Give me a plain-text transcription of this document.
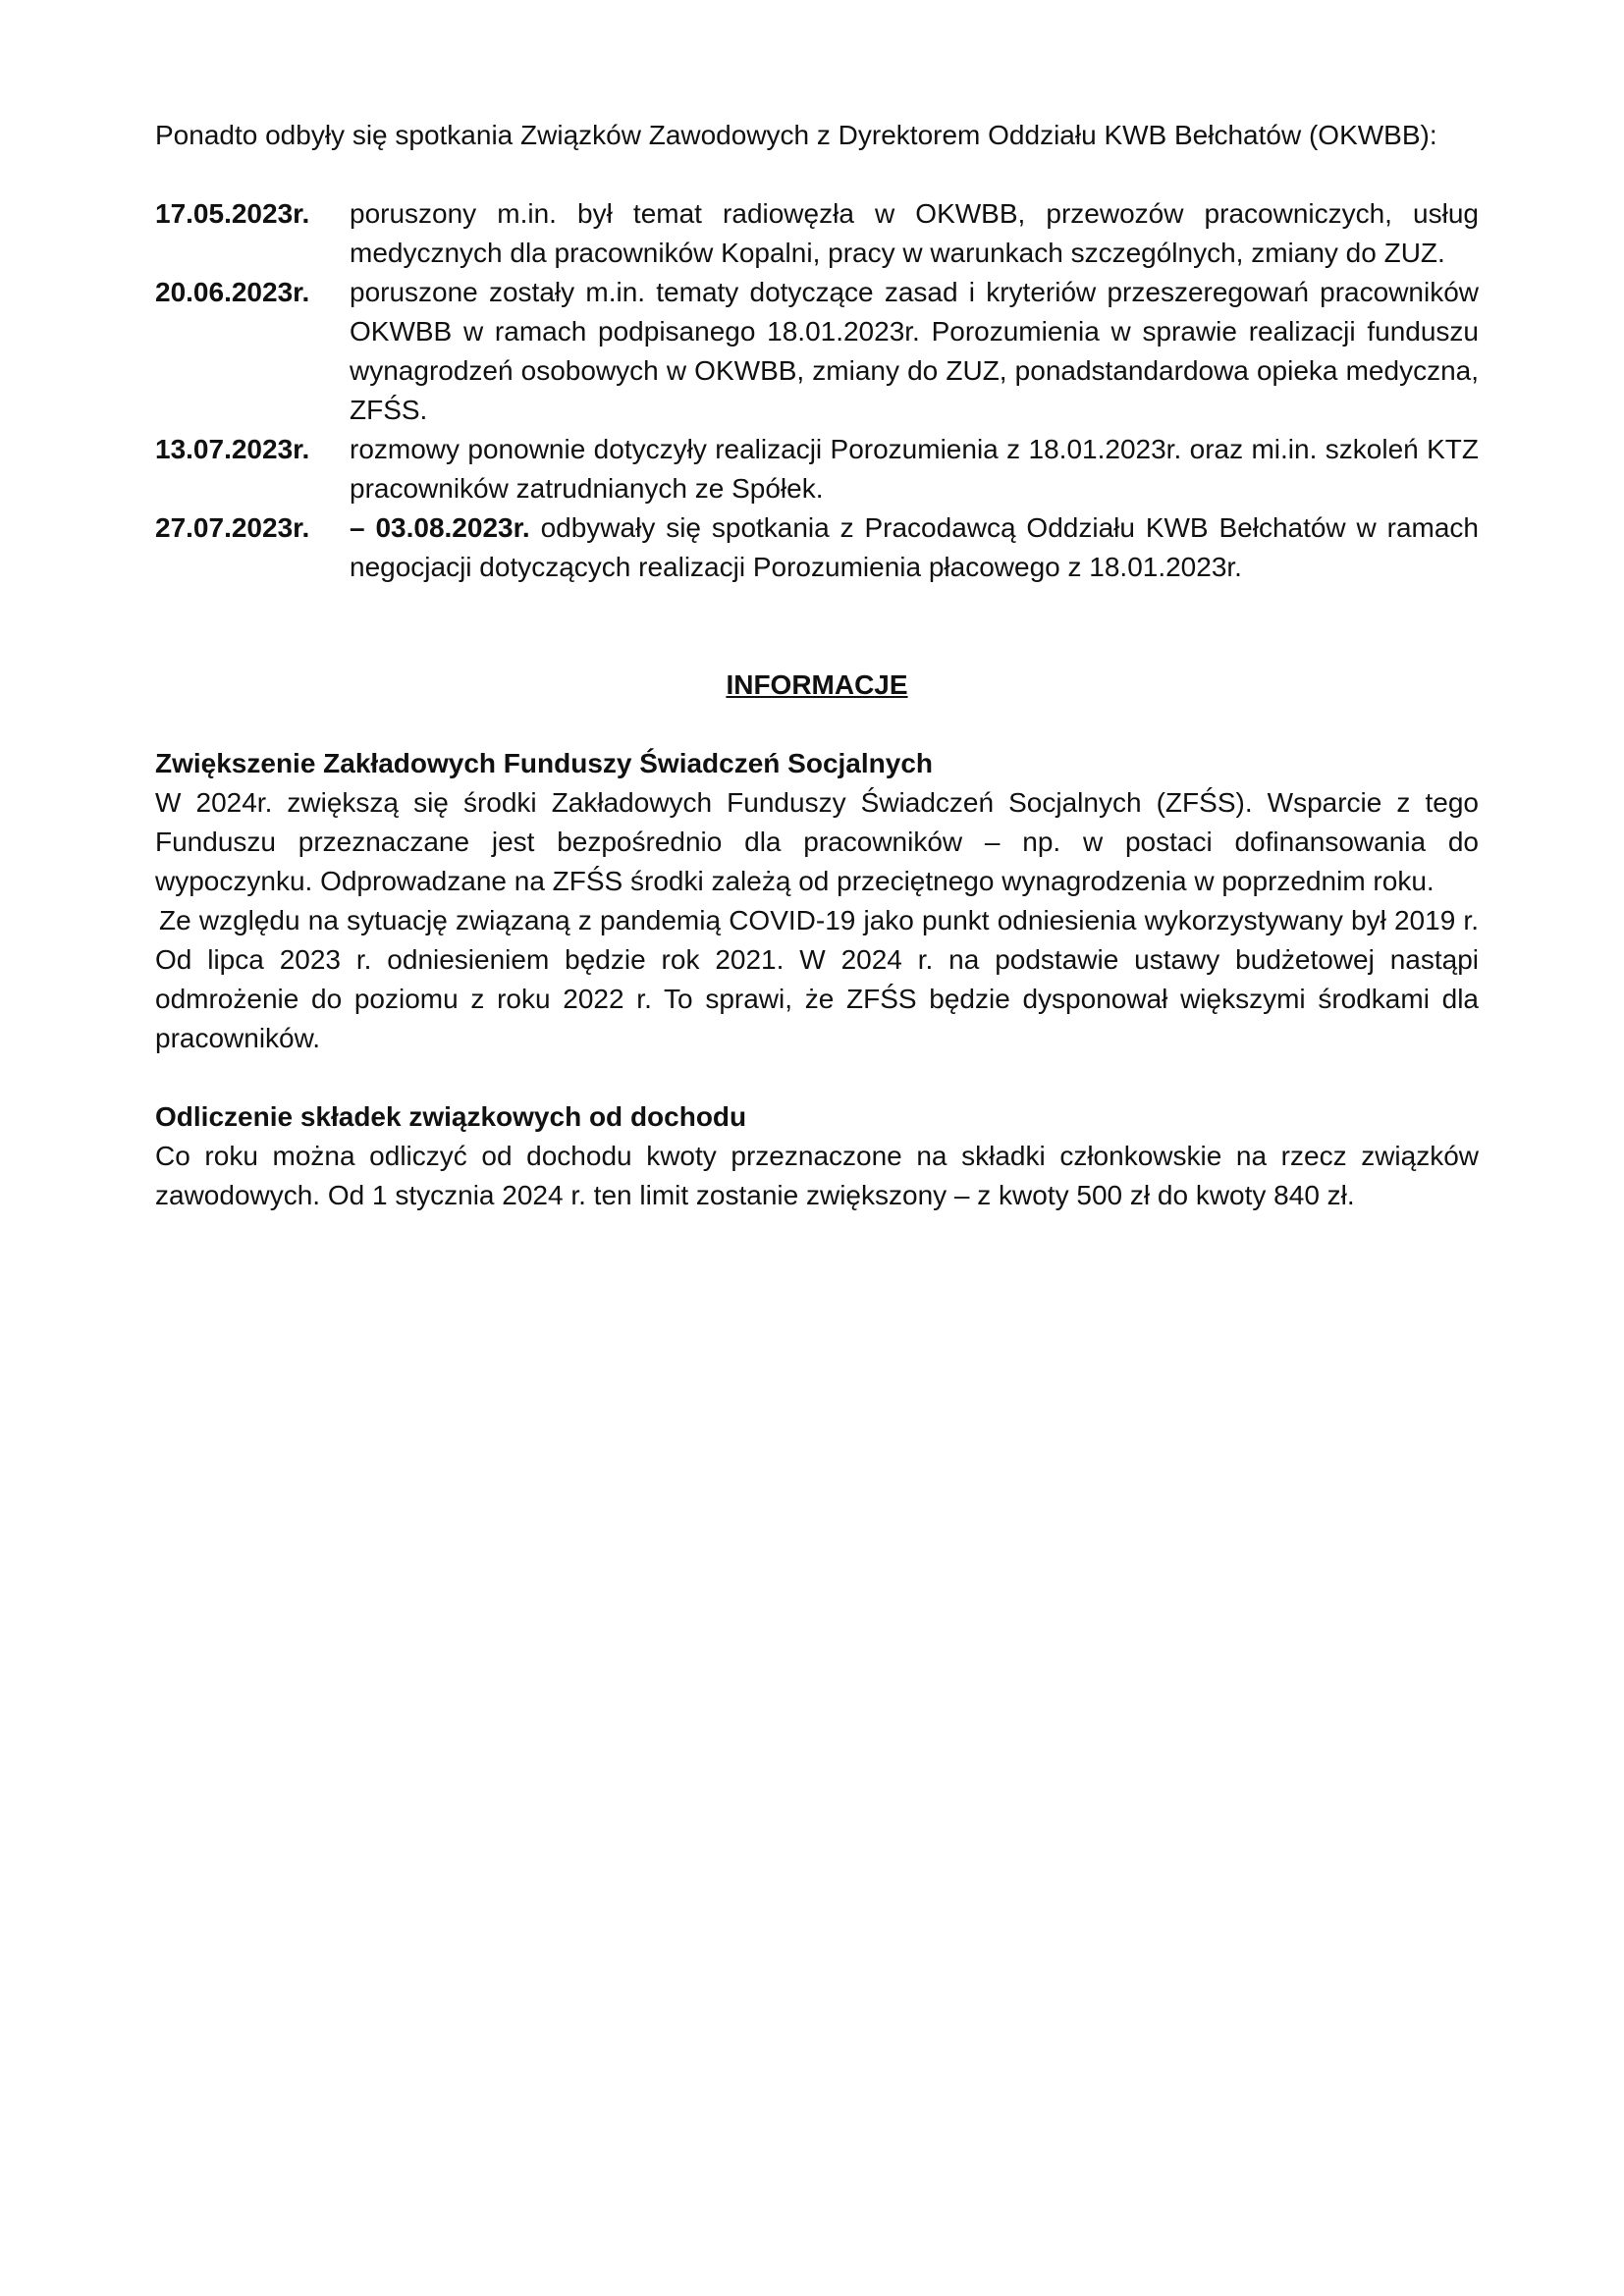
Ponadto odbyły się spotkania Związków Zawodowych z Dyrektorem Oddziału KWB Bełchatów (OKWBB):

17.05.2023r.	poruszony m.in. był temat radiowęzła w OKWBB, przewozów pracowniczych, usług medycznych dla pracowników Kopalni, pracy w warunkach szczególnych, zmiany do ZUZ.
20.06.2023r.	poruszone zostały m.in. tematy dotyczące zasad i kryteriów przeszeregowań pracowników OKWBB w ramach podpisanego 18.01.2023r. Porozumienia w sprawie realizacji funduszu wynagrodzeń osobowych w OKWBB, zmiany do ZUZ, ponadstandardowa opieka medyczna, ZFŚS.
13.07.2023r.	rozmowy ponownie dotyczyły realizacji Porozumienia z 18.01.2023r. oraz mi.in. szkoleń KTZ pracowników zatrudnianych ze Spółek.
27.07.2023r.	– 03.08.2023r. odbywały się spotkania z Pracodawcą Oddziału KWB Bełchatów w ramach negocjacji dotyczących realizacji Porozumienia płacowego z 18.01.2023r.
INFORMACJE

Zwiększenie Zakładowych Funduszy Świadczeń Socjalnych

W 2024r. zwiększą się środki Zakładowych Funduszy Świadczeń Socjalnych (ZFŚS). Wsparcie z tego Funduszu przeznaczane jest bezpośrednio dla pracowników – np. w postaci dofinansowania do wypoczynku. Odprowadzane na ZFŚS środki zależą od przeciętnego wynagrodzenia w poprzednim roku.

Ze względu na sytuację związaną z pandemią COVID-19 jako punkt odniesienia wykorzystywany był 2019 r. Od lipca 2023 r. odniesieniem będzie rok 2021. W 2024 r. na podstawie ustawy budżetowej nastąpi odmrożenie do poziomu z roku 2022 r. To sprawi, że ZFŚS będzie dysponował większymi środkami dla pracowników.

Odliczenie składek związkowych od dochodu

Co roku można odliczyć od dochodu kwoty przeznaczone na składki członkowskie na rzecz związków zawodowych. Od 1 stycznia 2024 r. ten limit zostanie zwiększony – z kwoty 500 zł do kwoty 840 zł.
